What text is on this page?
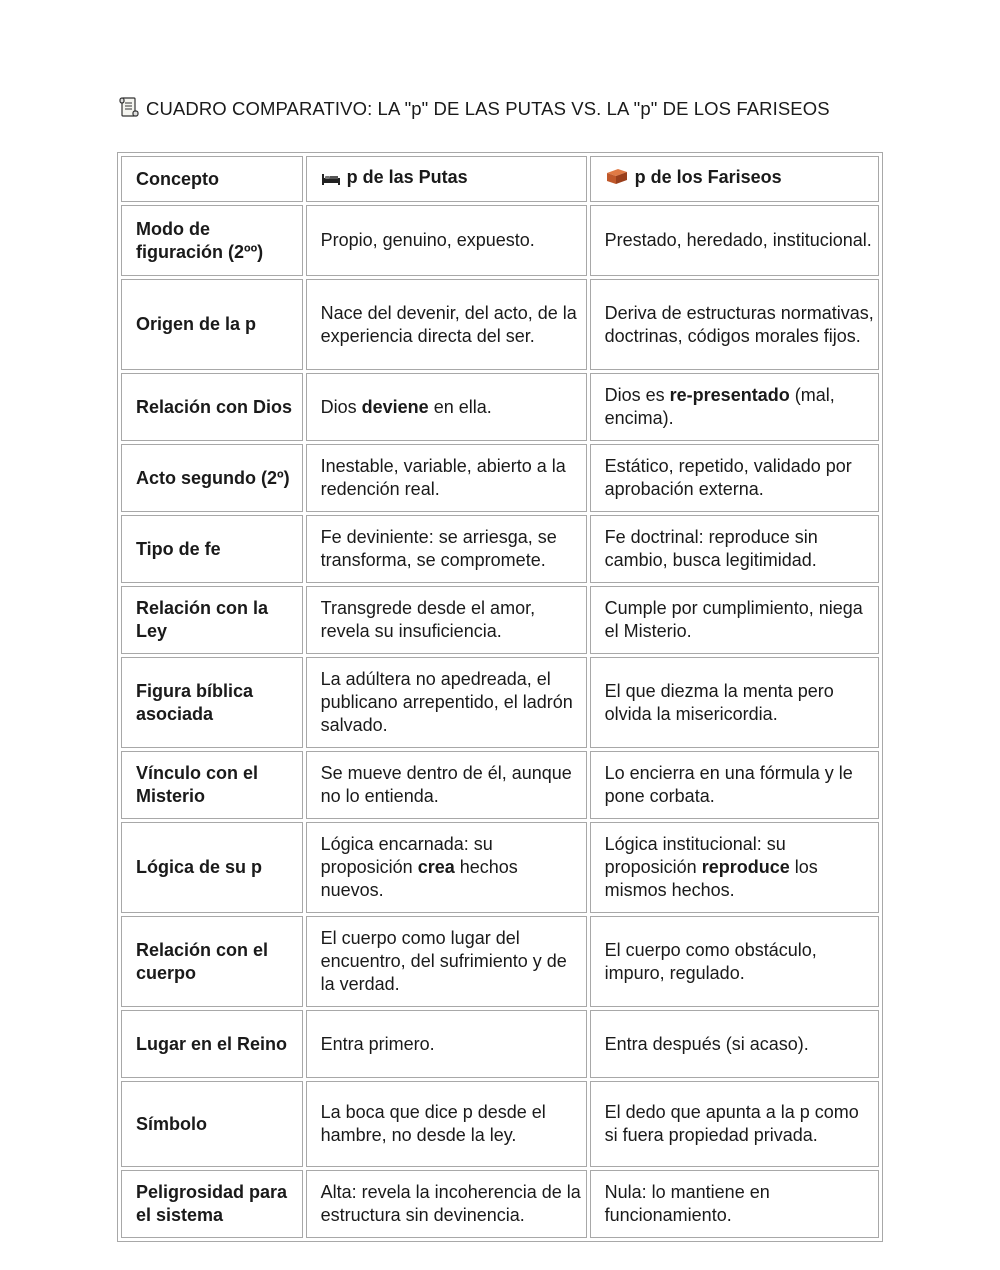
CUADRO COMPARATIVO: LA "p" DE LAS PUTAS VS. LA "p" DE LOS FARISEOS
Concepto	p de las Putas	p de los Fariseos
Modo de figuración (2ºº)	Propio, genuino, expuesto.	Prestado, heredado, institucional.
Origen de la p	Nace del devenir, del acto, de la experiencia directa del ser.	Deriva de estructuras normativas, doctrinas, códigos morales fijos.
Relación con Dios	Dios deviene en ella.	Dios es re-presentado (mal, encima).
Acto segundo (2º)	Inestable, variable, abierto a la redención real.	Estático, repetido, validado por aprobación externa.
Tipo de fe	Fe deviniente: se arriesga, se transforma, se compromete.	Fe doctrinal: reproduce sin cambio, busca legitimidad.
Relación con la Ley	Transgrede desde el amor, revela su insuficiencia.	Cumple por cumplimiento, niega el Misterio.
Figura bíblica asociada	La adúltera no apedreada, el publicano arrepentido, el ladrón salvado.	El que diezma la menta pero olvida la misericordia.
Vínculo con el Misterio	Se mueve dentro de él, aunque no lo entienda.	Lo encierra en una fórmula y le pone corbata.
Lógica de su p	Lógica encarnada: su proposición crea hechos nuevos.	Lógica institucional: su proposición reproduce los mismos hechos.
Relación con el cuerpo	El cuerpo como lugar del encuentro, del sufrimiento y de la verdad.	El cuerpo como obstáculo, impuro, regulado.
Lugar en el Reino	Entra primero.	Entra después (si acaso).
Símbolo	La boca que dice p desde el hambre, no desde la ley.	El dedo que apunta a la p como si fuera propiedad privada.
Peligrosidad para el sistema	Alta: revela la incoherencia de la estructura sin devinencia.	Nula: lo mantiene en funcionamiento.
